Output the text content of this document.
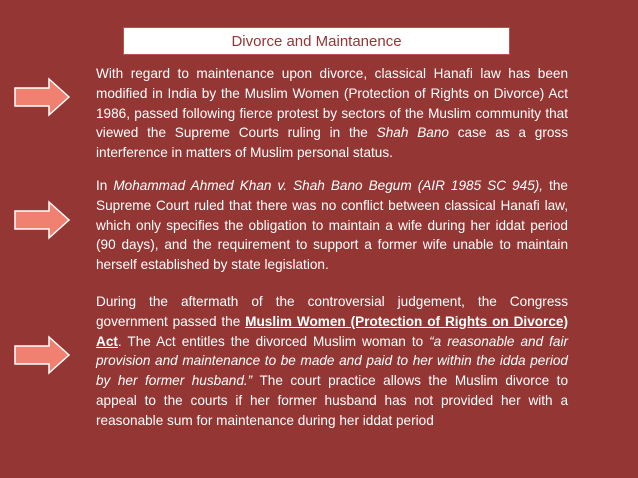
Divorce and Maintanence

With regard to maintenance upon divorce, classical Hanafi law has been modified in India by the Muslim Women (Protection of Rights on Divorce) Act 1986, passed following fierce protest by sectors of the Muslim community that viewed the Supreme Courts ruling in the Shah Bano case as a gross interference in matters of Muslim personal status.

In Mohammad Ahmed Khan v. Shah Bano Begum (AIR 1985 SC 945), the Supreme Court ruled that there was no conflict between classical Hanafi law, which only specifies the obligation to maintain a wife during her iddat period (90 days), and the requirement to support a former wife unable to maintain herself established by state legislation.

During the aftermath of the controversial judgement, the Congress government passed the Muslim Women (Protection of Rights on Divorce) Act. The Act entitles the divorced Muslim woman to “a reasonable and fair provision and maintenance to be made and paid to her within the idda period by her former husband.” The court practice allows the Muslim divorce to appeal to the courts if her former husband has not provided her with a reasonable sum for maintenance during her iddat period
